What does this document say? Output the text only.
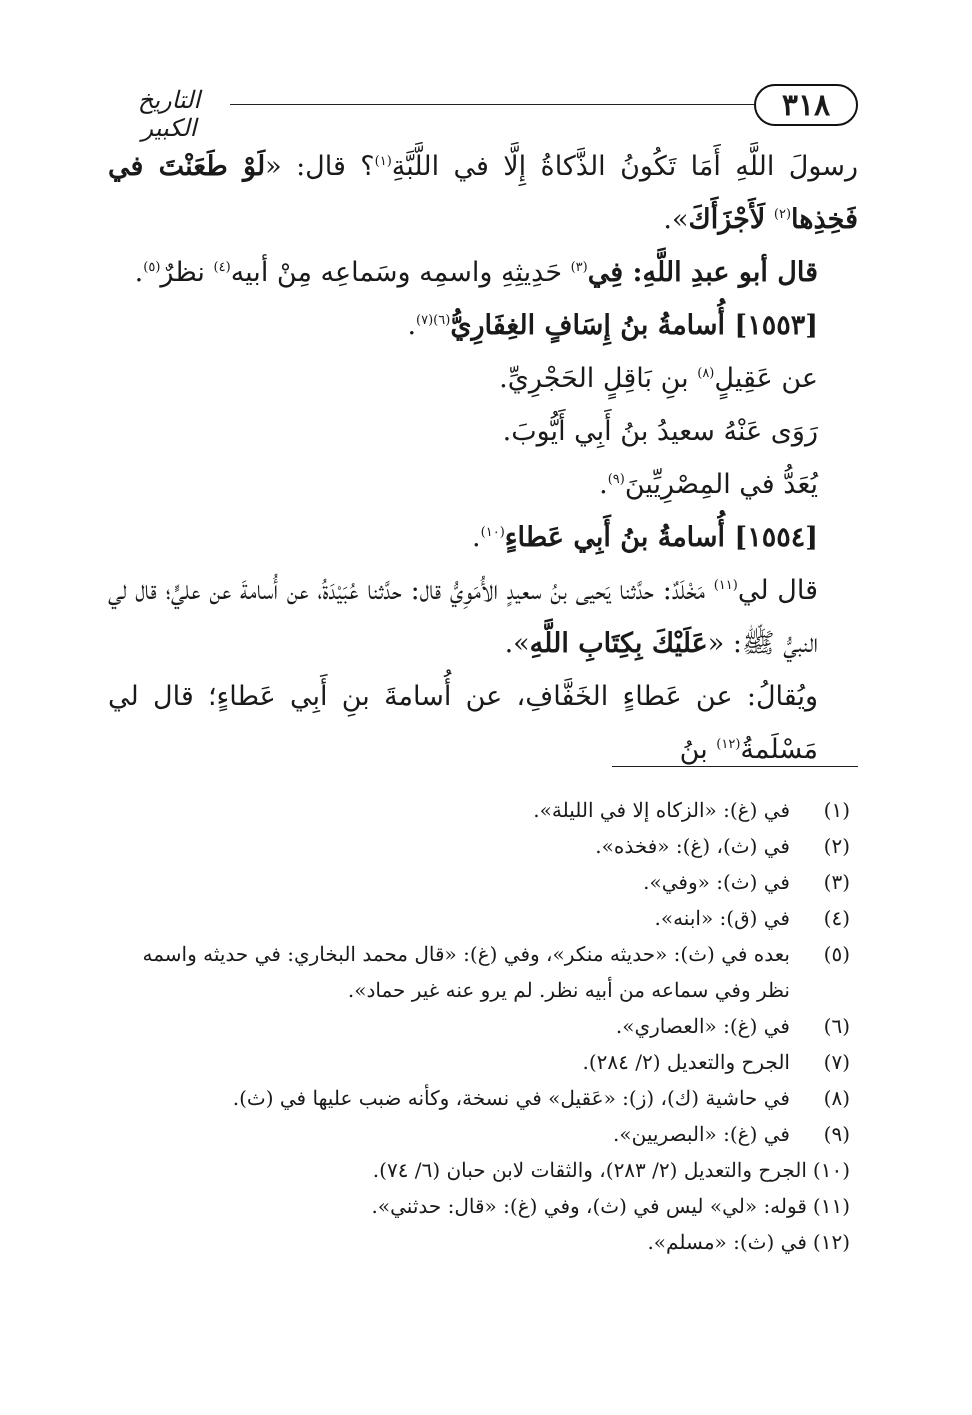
٣١٨
التاريخ الكبير

رسولَ اللَّهِ أَمَا تَكُونُ الذَّكاةُ إِلَّا في اللَّبَّةِ$^{(١)}$؟ قال: «لَوْ طَعَنْتَ في فَخِذِها$^{(٢)}$ لَأَجْزَأَكَ».

قال أبو عبدِ اللَّهِ: فِي$^{(٣)}$ حَدِيثِهِ واسمِه وسَماعِه مِنْ أبيه$^{(٤)}$ نظرٌ$^{(٥)}$.

[١٥٥٣] أُسامةُ بنُ إِسَافٍ الغِفَارِيُّ$^{(٦)(٧)}$.

عن عَقِيلٍ$^{(٨)}$ بنِ بَاقِلٍ الحَجْرِيِّ.

رَوَى عَنْهُ سعيدُ بنُ أَبِي أَيُّوبَ.

يُعَدُّ في المِصْرِيِّينَ$^{(٩)}$.

[١٥٥٤] أُسامةُ بنُ أَبِي عَطاءٍ$^{(١٠)}$.

قال لي$^{(١١)}$ مَخْلَدٌ: حدَّثنا يَحيى بنُ سعيدٍ الأُمَوِيُّ قال: حدَّثنا عُبَيْدَةُ، عن أُسامةَ عن عليٍّ؛ قال لي النبيُّ ﷺ: «عَلَيْكَ بِكِتَابِ اللَّهِ».

ويُقالُ: عن عَطاءٍ الخَفَّافِ، عن أُسامةَ بنِ أَبِي عَطاءٍ؛ قال لي مَسْلَمةُ$^{(١٢)}$ بنُ

(١)
في (غ): «الزكاه إلا في الليلة».
(٢)
في (ث)، (غ): «فخذه».
(٣)
في (ث): «وفي».
(٤)
في (ق): «ابنه».
(٥)
بعده في (ث): «حديثه منكر»، وفي (غ): «قال محمد البخاري: في حديثه واسمه نظر وفي سماعه من أبيه نظر. لم يرو عنه غير حماد».
(٦)
في (غ): «العصاري».
(٧)
الجرح والتعديل (٢/ ٢٨٤).
(٨)
في حاشية (ك)، (ز): «عَقيل» في نسخة، وكأنه ضبب عليها في (ث).
(٩)
في (غ): «البصريين».
(١٠)
الجرح والتعديل (٢/ ٢٨٣)، والثقات لابن حبان (٦/ ٧٤).
(١١)
قوله: «لي» ليس في (ث)، وفي (غ): «قال: حدثني».
(١٢)
في (ث): «مسلم».
